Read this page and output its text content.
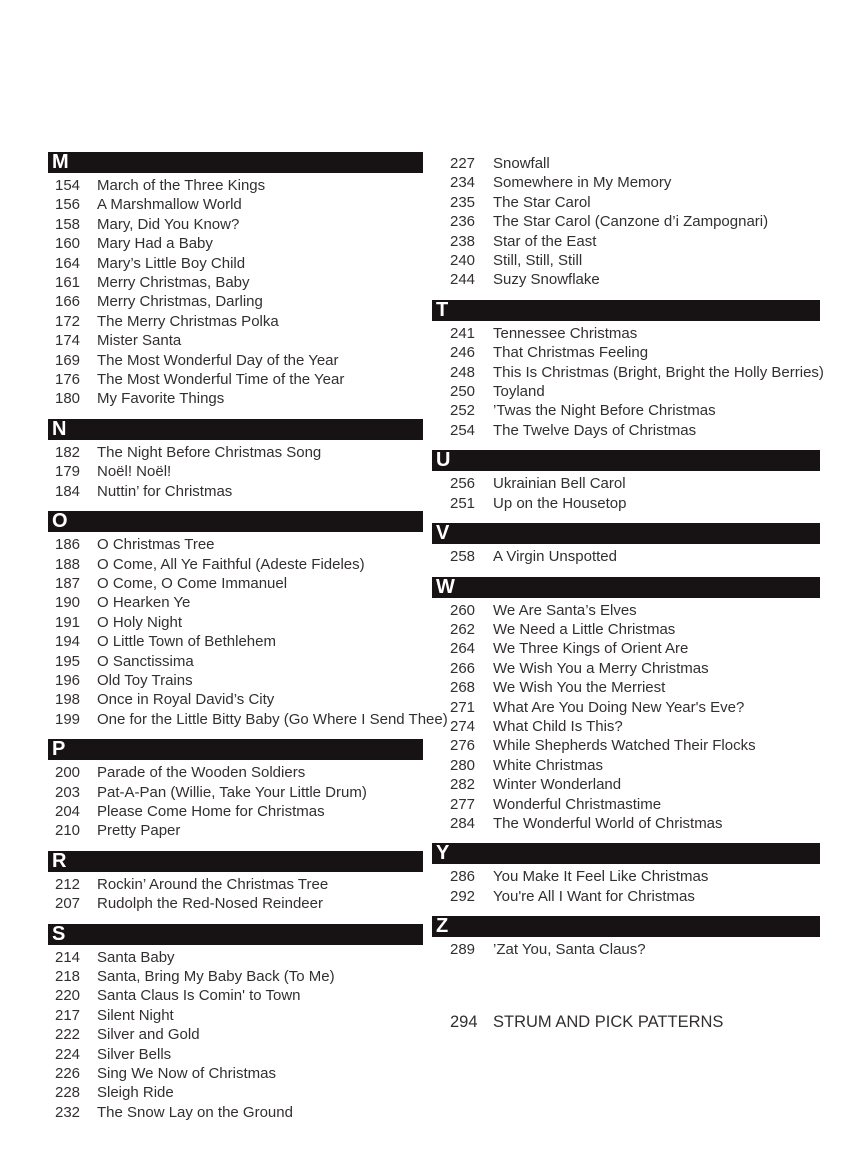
M
154	March of the Three Kings
156	A Marshmallow World
158	Mary, Did You Know?
160	Mary Had a Baby
164	Mary’s Little Boy Child
161	Merry Christmas, Baby
166	Merry Christmas, Darling
172	The Merry Christmas Polka
174	Mister Santa
169	The Most Wonderful Day of the Year
176	The Most Wonderful Time of the Year
180	My Favorite Things
N
182	The Night Before Christmas Song
179	Noël! Noël!
184	Nuttin’ for Christmas
O
186	O Christmas Tree
188	O Come, All Ye Faithful (Adeste Fideles)
187	O Come, O Come Immanuel
190	O Hearken Ye
191	O Holy Night
194	O Little Town of Bethlehem
195	O Sanctissima
196	Old Toy Trains
198	Once in Royal David’s City
199	One for the Little Bitty Baby (Go Where I Send Thee)
P
200	Parade of the Wooden Soldiers
203	Pat-A-Pan (Willie, Take Your Little Drum)
204	Please Come Home for Christmas
210	Pretty Paper
R
212	Rockin’ Around the Christmas Tree
207	Rudolph the Red-Nosed Reindeer
S
214	Santa Baby
218	Santa, Bring My Baby Back (To Me)
220	Santa Claus Is Comin' to Town
217	Silent Night
222	Silver and Gold
224	Silver Bells
226	Sing We Now of Christmas
228	Sleigh Ride
232	The Snow Lay on the Ground
227	Snowfall
234	Somewhere in My Memory
235	The Star Carol
236	The Star Carol (Canzone d’i Zampognari)
238	Star of the East
240	Still, Still, Still
244	Suzy Snowflake
T
241	Tennessee Christmas
246	That Christmas Feeling
248	This Is Christmas (Bright, Bright the Holly Berries)
250	Toyland
252	’Twas the Night Before Christmas
254	The Twelve Days of Christmas
U
256	Ukrainian Bell Carol
251	Up on the Housetop
V
258	A Virgin Unspotted
W
260	We Are Santa’s Elves
262	We Need a Little Christmas
264	We Three Kings of Orient Are
266	We Wish You a Merry Christmas
268	We Wish You the Merriest
271	What Are You Doing New Year's Eve?
274	What Child Is This?
276	While Shepherds Watched Their Flocks
280	White Christmas
282	Winter Wonderland
277	Wonderful Christmastime
284	The Wonderful World of Christmas
Y
286	You Make It Feel Like Christmas
292	You're All I Want for Christmas
Z
289	’Zat You, Santa Claus?
294 STRUM AND PICK PATTERNS
